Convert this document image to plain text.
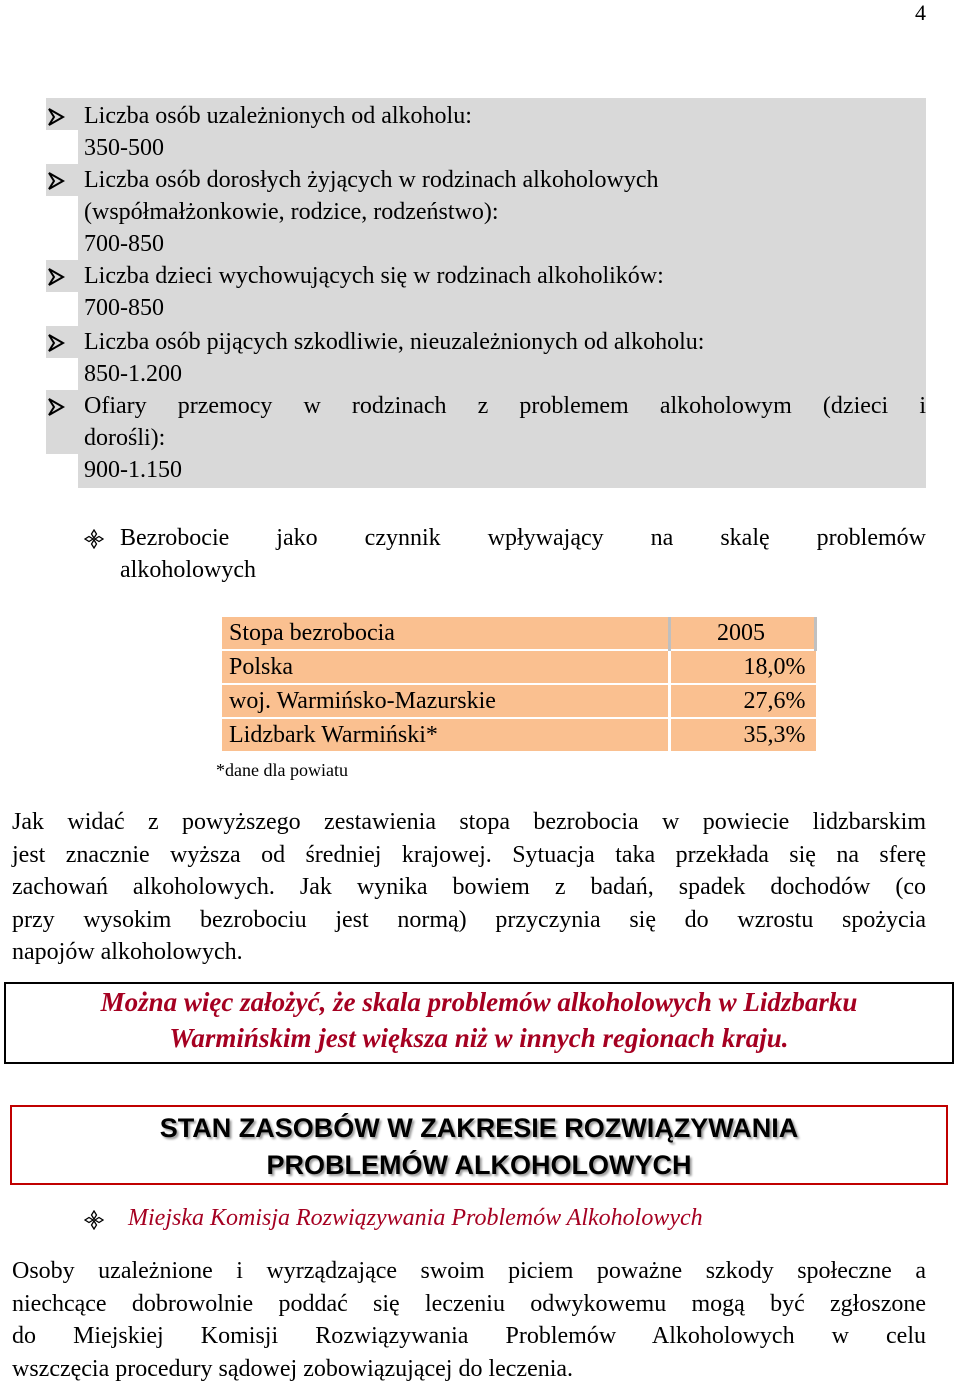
4
Liczba osób uzależnionych od alkoholu:
350-500
Liczba osób dorosłych żyjących w rodzinach alkoholowych
(współmałżonkowie, rodzice, rodzeństwo):
700-850
Liczba dzieci wychowujących się w rodzinach alkoholików:
700-850
Liczba osób pijących szkodliwie, nieuzależnionych od alkoholu:
850-1.200
Ofiary przemocy w rodzinach z problemem alkoholowym (dzieci i
dorośli):
900-1.150
Bezrobocie jako czynnik wpływający na skalę problemów
alkoholowych
Stopa bezrobocia	2005
Polska	18,0%
woj. Warmińsko-Mazurskie	27,6%
Lidzbark Warmiński*	35,3%
*dane dla powiatu
Jak widać z powyższego zestawienia stopa bezrobocia w powiecie lidzbarskim
jest znacznie wyższa od średniej krajowej. Sytuacja taka przekłada się na sferę
zachowań alkoholowych. Jak wynika bowiem z badań, spadek dochodów (co
przy wysokim bezrobociu jest normą) przyczynia się do wzrostu spożycia
napojów alkoholowych.
Można więc założyć, że skala problemów alkoholowych w Lidzbarku
Warmińskim jest większa niż w innych regionach kraju.
STAN ZASOBÓW W ZAKRESIE ROZWIĄZYWANIA
PROBLEMÓW ALKOHOLOWYCH
Miejska Komisja Rozwiązywania Problemów Alkoholowych
Osoby uzależnione i wyrządzające swoim piciem poważne szkody społeczne a
niechcące dobrowolnie poddać się leczeniu odwykowemu mogą być zgłoszone
do Miejskiej Komisji Rozwiązywania Problemów Alkoholowych w celu
wszczęcia procedury sądowej zobowiązującej do leczenia.
